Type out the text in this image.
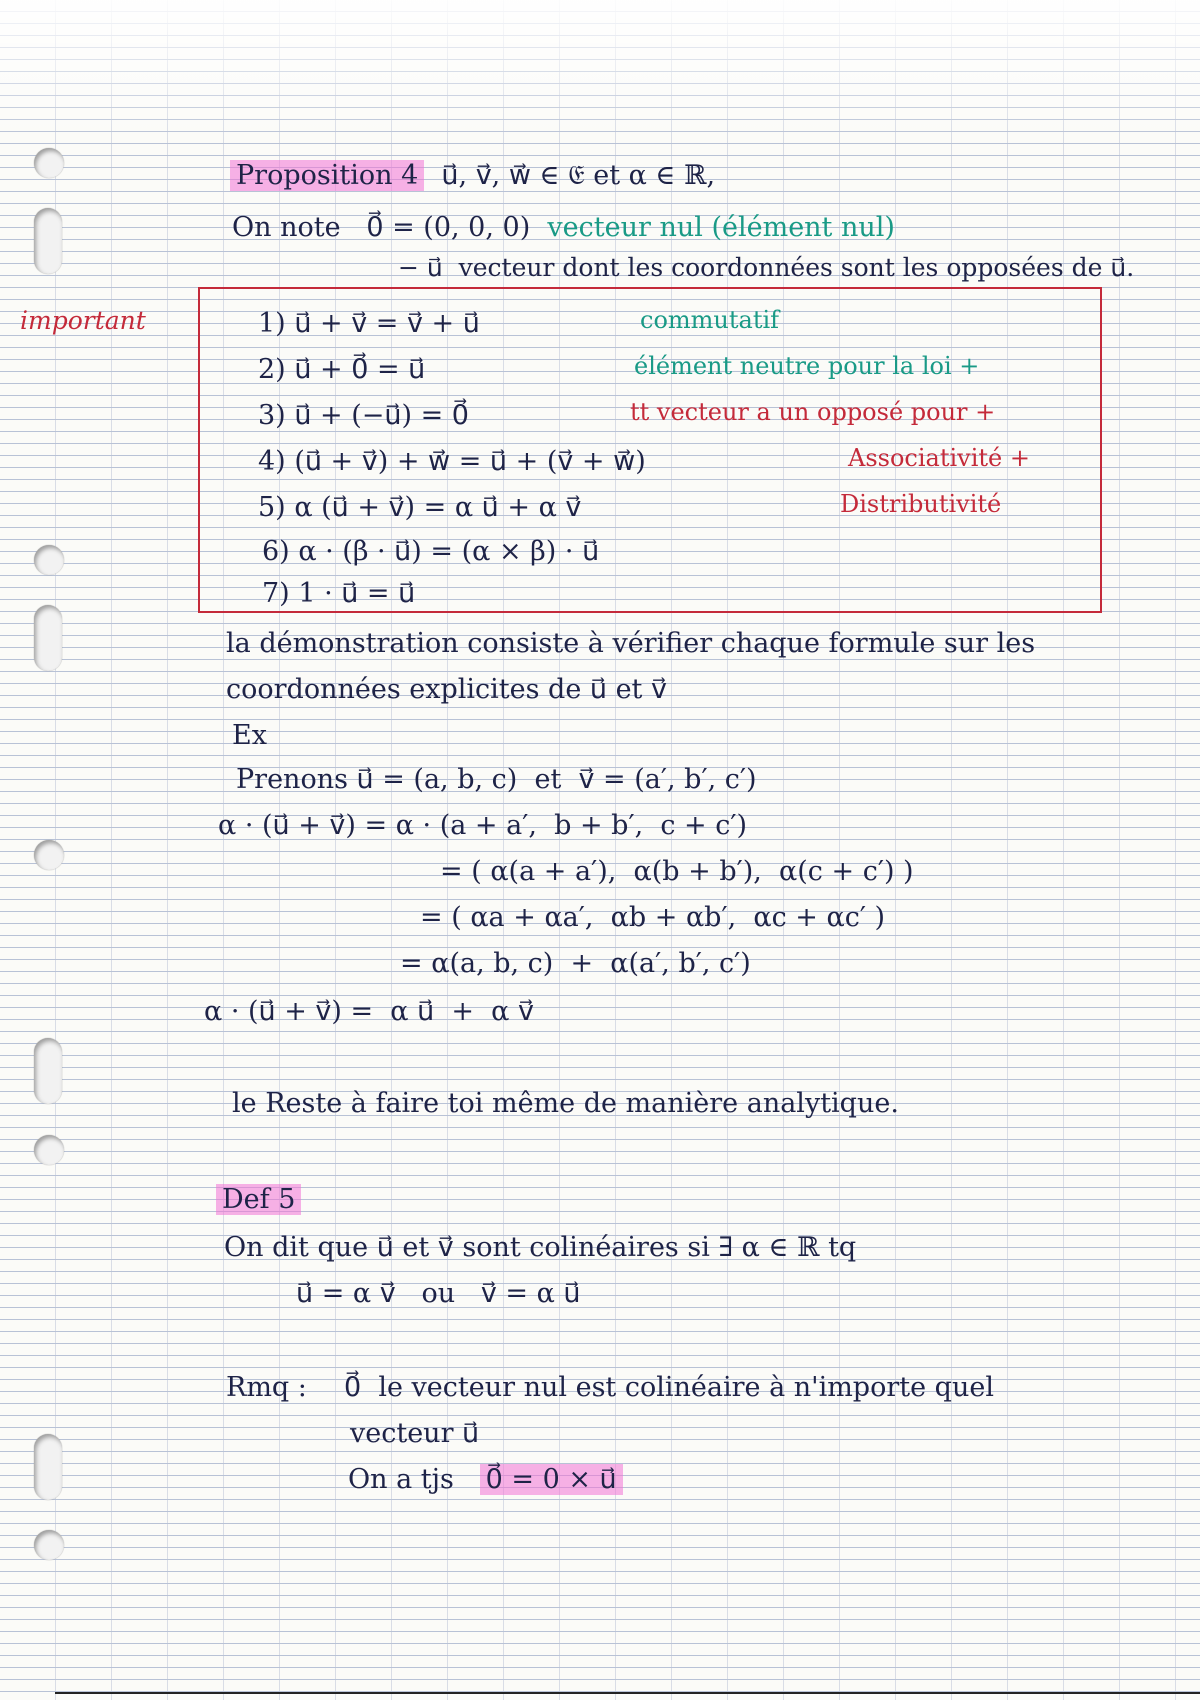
important

Proposition 4 u⃗, v⃗, w⃗ ∈ 𝔈 et α ∈ ℝ,

On note   0⃗ = (0, 0, 0) vecteur nul (élément nul)

− u⃗  vecteur dont les coordonnées sont les opposées de u⃗.

1) u⃗ + v⃗ = v⃗ + u⃗	commutatif

2) u⃗ + 0⃗ = u⃗	élément neutre pour la loi +

3) u⃗ + (−u⃗) = 0⃗	tt vecteur a un opposé pour +

4) (u⃗ + v⃗) + w⃗ = u⃗ + (v⃗ + w⃗)	Associativité +

5) α (u⃗ + v⃗) = α u⃗ + α v⃗	Distributivité

6) α · (β · u⃗) = (α × β) · u⃗

7) 1 · u⃗ = u⃗

la démonstration consiste à vérifier chaque formule sur les

coordonnées explicites de u⃗ et v⃗

Ex

Prenons u⃗ = (a, b, c)  et  v⃗ = (a′, b′, c′)

α · (u⃗ + v⃗) = α · (a + a′,  b + b′,  c + c′)

= ( α(a + a′),  α(b + b′),  α(c + c′) )

= ( αa + αa′,  αb + αb′,  αc + αc′ )

= α(a, b, c)  +  α(a′, b′, c′)

α · (u⃗ + v⃗) =  α u⃗  +  α v⃗

le Reste à faire toi même de manière analytique.

Def 5

On dit que u⃗ et v⃗ sont colinéaires si ∃ α ∈ ℝ tq

u⃗ = α v⃗   ou   v⃗ = α u⃗

Rmq : 0⃗  le vecteur nul est colinéaire à n'importe quel

vecteur u⃗

On a tjs 0⃗ = 0 × u⃗
